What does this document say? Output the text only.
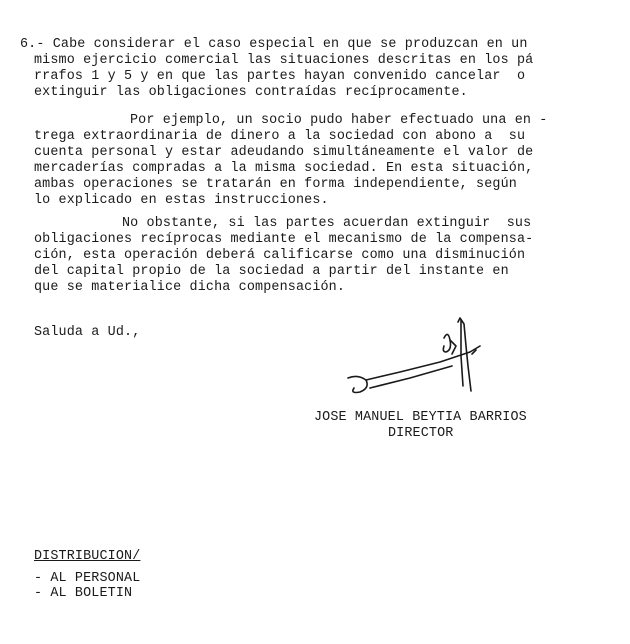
6.- Cabe considerar el caso especial en que se produzcan en un
mismo ejercicio comercial las situaciones descritas en los pá
rrafos 1 y 5 y en que las partes hayan convenido cancelar  o
extinguir las obligaciones contraídas recíprocamente.
Por ejemplo, un socio pudo haber efectuado una en -
trega extraordinaria de dinero a la sociedad con abono a  su
cuenta personal y estar adeudando simultáneamente el valor de
mercaderías compradas a la misma sociedad. En esta situación,
ambas operaciones se tratarán en forma independiente, según
lo explicado en estas instrucciones.
No obstante, si las partes acuerdan extinguir  sus
obligaciones recíprocas mediante el mecanismo de la compensa-
ción, esta operación deberá calificarse como una disminución
del capital propio de la sociedad a partir del instante en
que se materialice dicha compensación.
Saluda a Ud.,
JOSE MANUEL BEYTIA BARRIOS
DIRECTOR
DISTRIBUCION/
- AL PERSONAL
- AL BOLETIN
